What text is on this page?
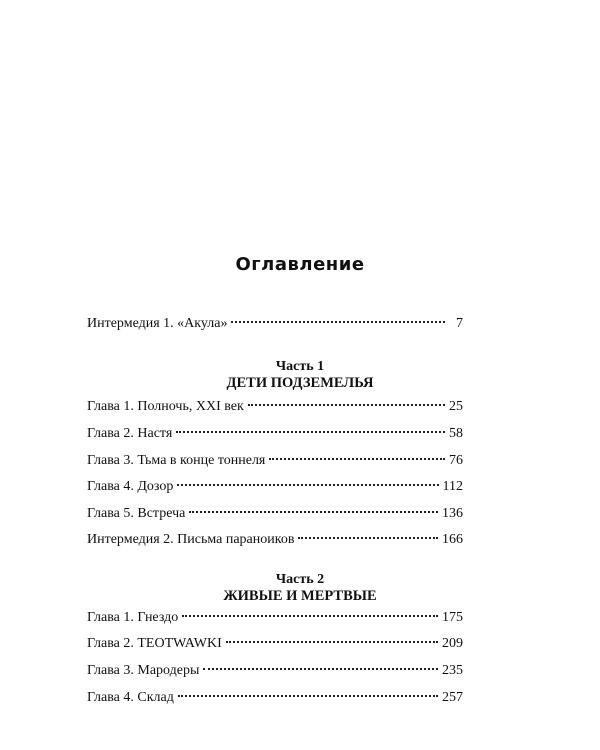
Оглавление
Интермедия 1. «Акула»	7
Часть 1
ДЕТИ ПОДЗЕМЕЛЬЯ
Глава 1. Полночь, XXI век	25
Глава 2. Настя	58
Глава 3. Тьма в конце тоннеля	76
Глава 4. Дозор	112
Глава 5. Встреча	136
Интермедия 2. Письма параноиков	166
Часть 2
ЖИВЫЕ И МЕРТВЫЕ
Глава 1. Гнездо	175
Глава 2. TEOTWAWKI	209
Глава 3. Мародеры	235
Глава 4. Склад	257
